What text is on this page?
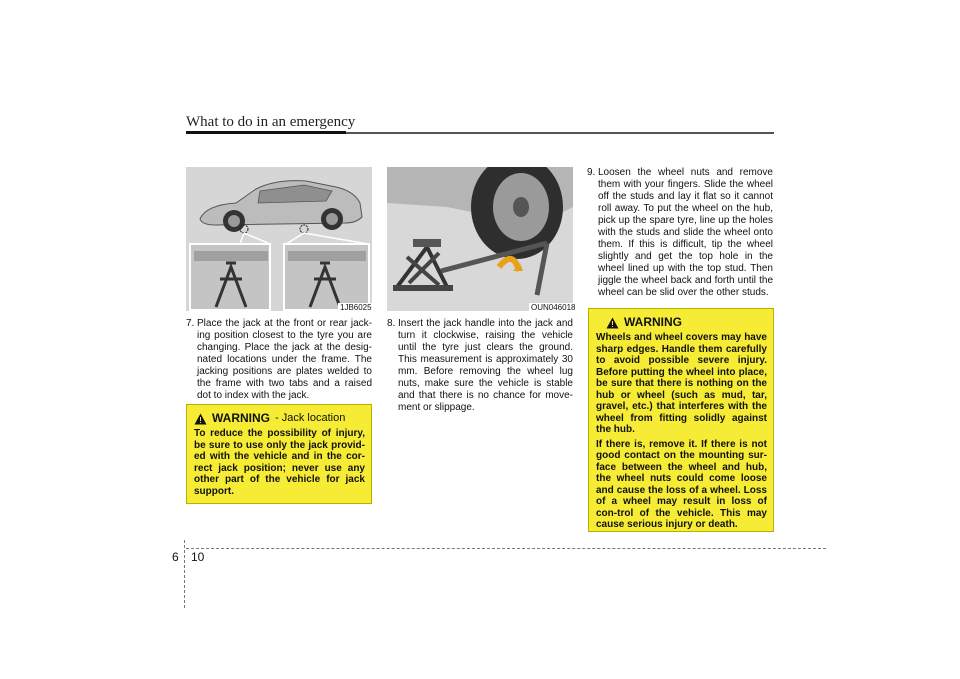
What to do in an emergency
1JB6025	OUN046018
7. Place the jack at the front or rear jack-ing position closest to the tyre you are changing. Place the jack at the desig-nated locations under the frame. The jacking positions are plates welded to the frame with two tabs and a raised dot to index with the jack.
8. Insert the jack handle into the jack and turn it clockwise, raising the vehicle until the tyre just clears the ground. This measurement is approximately 30 mm. Before removing the wheel lug nuts, make sure the vehicle is stable and that there is no chance for move-ment or slippage.
9. Loosen the wheel nuts and remove them with your fingers. Slide the wheel off the studs and lay it flat so it cannot roll away. To put the wheel on the hub, pick up the spare tyre, line up the holes with the studs and slide the wheel onto them. If this is difficult, tip the wheel slightly and get the top hole in the wheel lined up with the top stud. Then jiggle the wheel back and forth until the wheel can be slid over the other studs.
WARNING - Jack location

To reduce the possibility of injury, be sure to use only the jack provid-ed with the vehicle and in the cor-rect jack position; never use any other part of the vehicle for jack support.

WARNING

Wheels and wheel covers may have sharp edges. Handle them carefully to avoid possible severe injury. Before putting the wheel into place, be sure that there is nothing on the hub or wheel (such as mud, tar, gravel, etc.) that interferes with the wheel from fitting solidly against the hub.

If there is, remove it. If there is not good contact on the mounting sur-face between the wheel and hub, the wheel nuts could come loose and cause the loss of a wheel. Loss of a wheel may result in loss of con-trol of the vehicle. This may cause serious injury or death.

6 10
